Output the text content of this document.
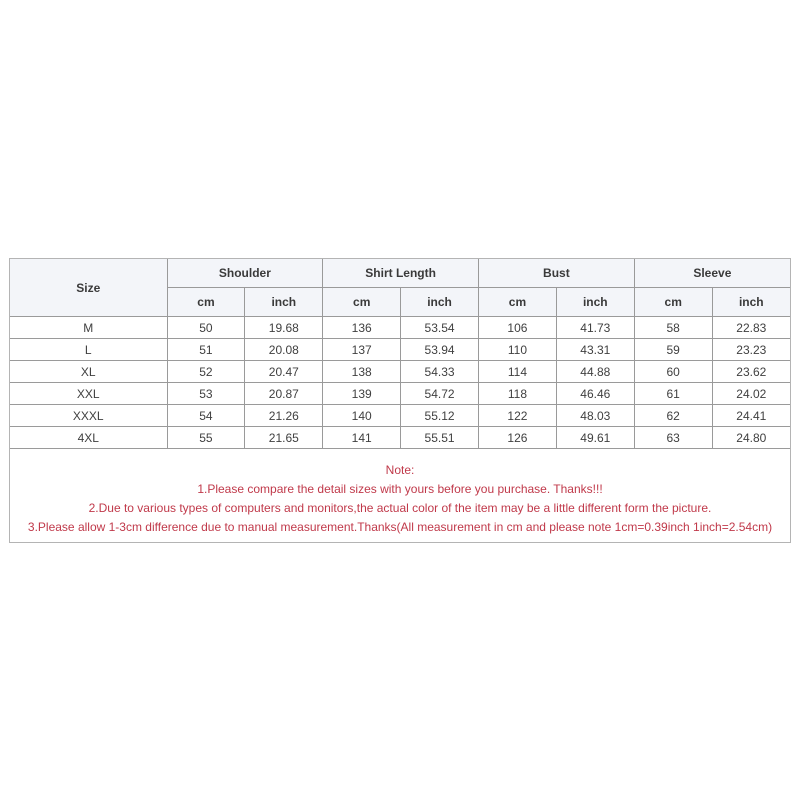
Size	Shoulder		Shirt Length		Bust		Sleeve	
	cm	inch	cm	inch	cm	inch	cm	inch
M	50	19.68	136	53.54	106	41.73	58	22.83
L	51	20.08	137	53.94	110	43.31	59	23.23
XL	52	20.47	138	54.33	114	44.88	60	23.62
XXL	53	20.87	139	54.72	118	46.46	61	24.02
XXXL	54	21.26	140	55.12	122	48.03	62	24.41
4XL	55	21.65	141	55.51	126	49.61	63	24.80
Note:
1.Please compare the detail sizes with yours before you purchase. Thanks!!!
2.Due to various types of computers and monitors,the actual color of the item may be a little different form the picture.
3.Please allow 1-3cm difference due to manual measurement.Thanks(All measurement in cm and please note 1cm=0.39inch 1inch=2.54cm)
